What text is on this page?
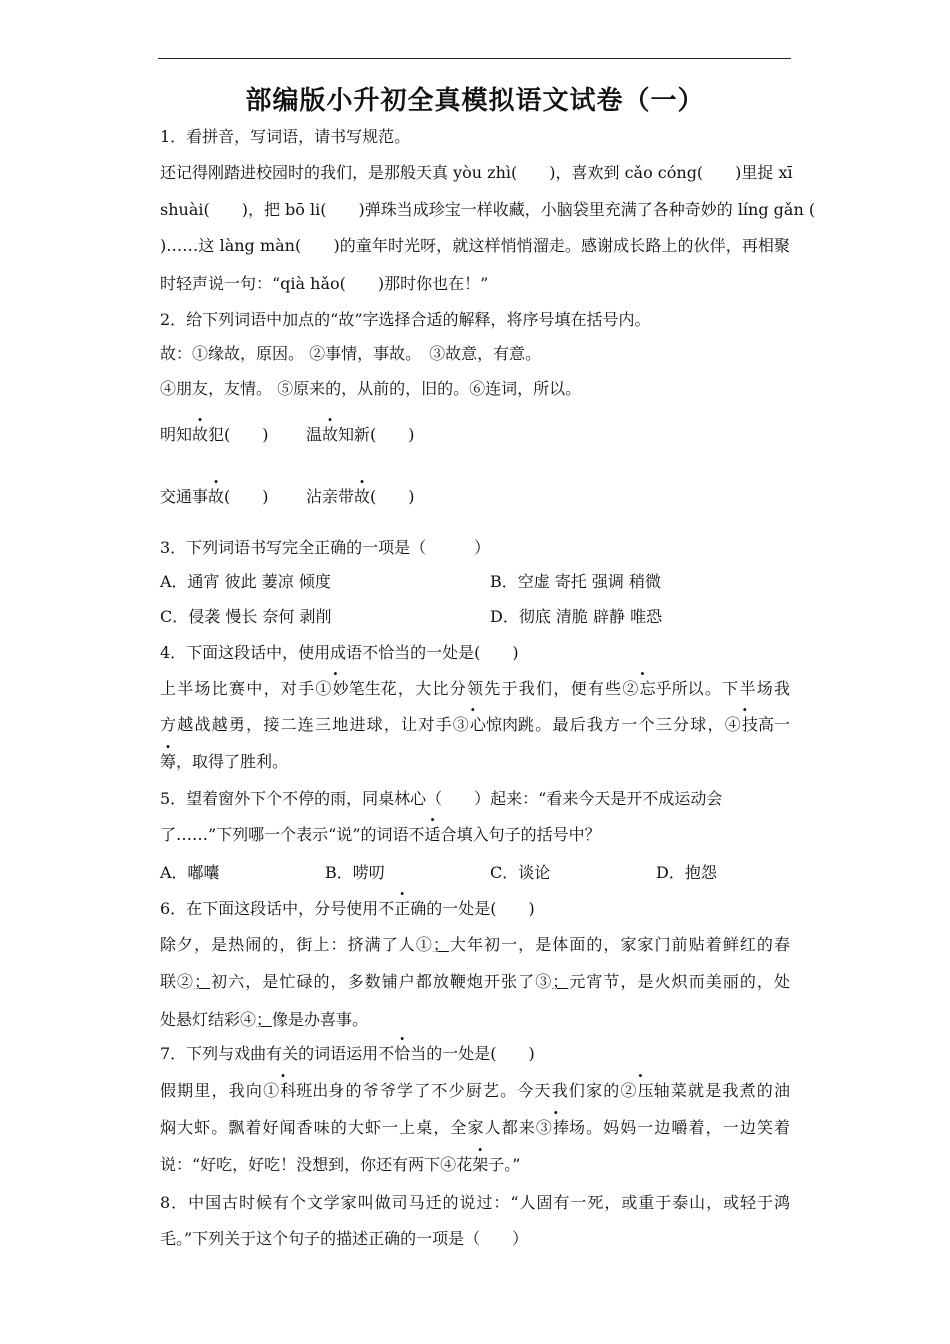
部编版小升初全真模拟语文试卷（一）
1．看拼音，写词语，请书写规范。
还记得刚踏进校园时的我们，是那般天真 yòu zhì(　　)，喜欢到 cǎo cóng(　　)里捉 xī
shuài(　　)，把 bō li(　　)弹珠当成珍宝一样收藏，小脑袋里充满了各种奇妙的 líng gǎn (
)……这 làng màn(　　)的童年时光呀，就这样悄悄溜走。感谢成长路上的伙伴，再相聚
时轻声说一句：“qià hǎo(　　)那时你也在！”
2．给下列词语中加点的“故”字选择合适的解释，将序号填在括号内。
故：①缘故，原因。 ②事情，事故。　③故意，有意。
④朋友，友情。 ⑤原来的，从前的，旧的。⑥连词，所以。
明知故犯(　　) 温故知新(　　)
交通事故(　　) 沾亲带故(　　)
3．下列词语书写完全正确的一项是（　　　）
A．通宵 彼此 萋凉 倾度	B．空虚 寄托 强调 稍微
C．侵袭 慢长 奈何 剥削	D．彻底 清脆 辟静 唯恐
4．下面这段话中，使用成语不恰当的一处是(　　)
上半场比赛中，对手①妙笔生花，大比分领先于我们，便有些②忘乎所以。下半场我
方越战越勇，接二连三地进球，让对手③心惊肉跳。最后我方一个三分球，④技高一
筹，取得了胜利。
5．望着窗外下个不停的雨，同桌林心（　　）起来：“看来今天是开不成运动会
了……”下列哪一个表示“说”的词语不适合填入句子的括号中？
A．嘟囔	B．唠叨	C．谈论	D．抱怨
6．在下面这段话中，分号使用不正确的一处是(　　)
除夕，是热闹的，街上：挤满了人①；大年初一，是体面的，家家门前贴着鲜红的春
联②；初六，是忙碌的，多数铺户都放鞭炮开张了③；元宵节，是火炽而美丽的，处
处悬灯结彩④；像是办喜事。
7．下列与戏曲有关的词语运用不恰当的一处是(　　)
假期里，我向①科班出身的爷爷学了不少厨艺。今天我们家的②压轴菜就是我煮的油
焖大虾。飘着好闻香味的大虾一上桌，全家人都来③捧场。妈妈一边嚼着，一边笑着
说：“好吃，好吃！没想到，你还有两下④花架子。”
8．中国古时候有个文学家叫做司马迁的说过：“人固有一死，或重于泰山，或轻于鸿
毛。”下列关于这个句子的描述正确的一项是（　　）
